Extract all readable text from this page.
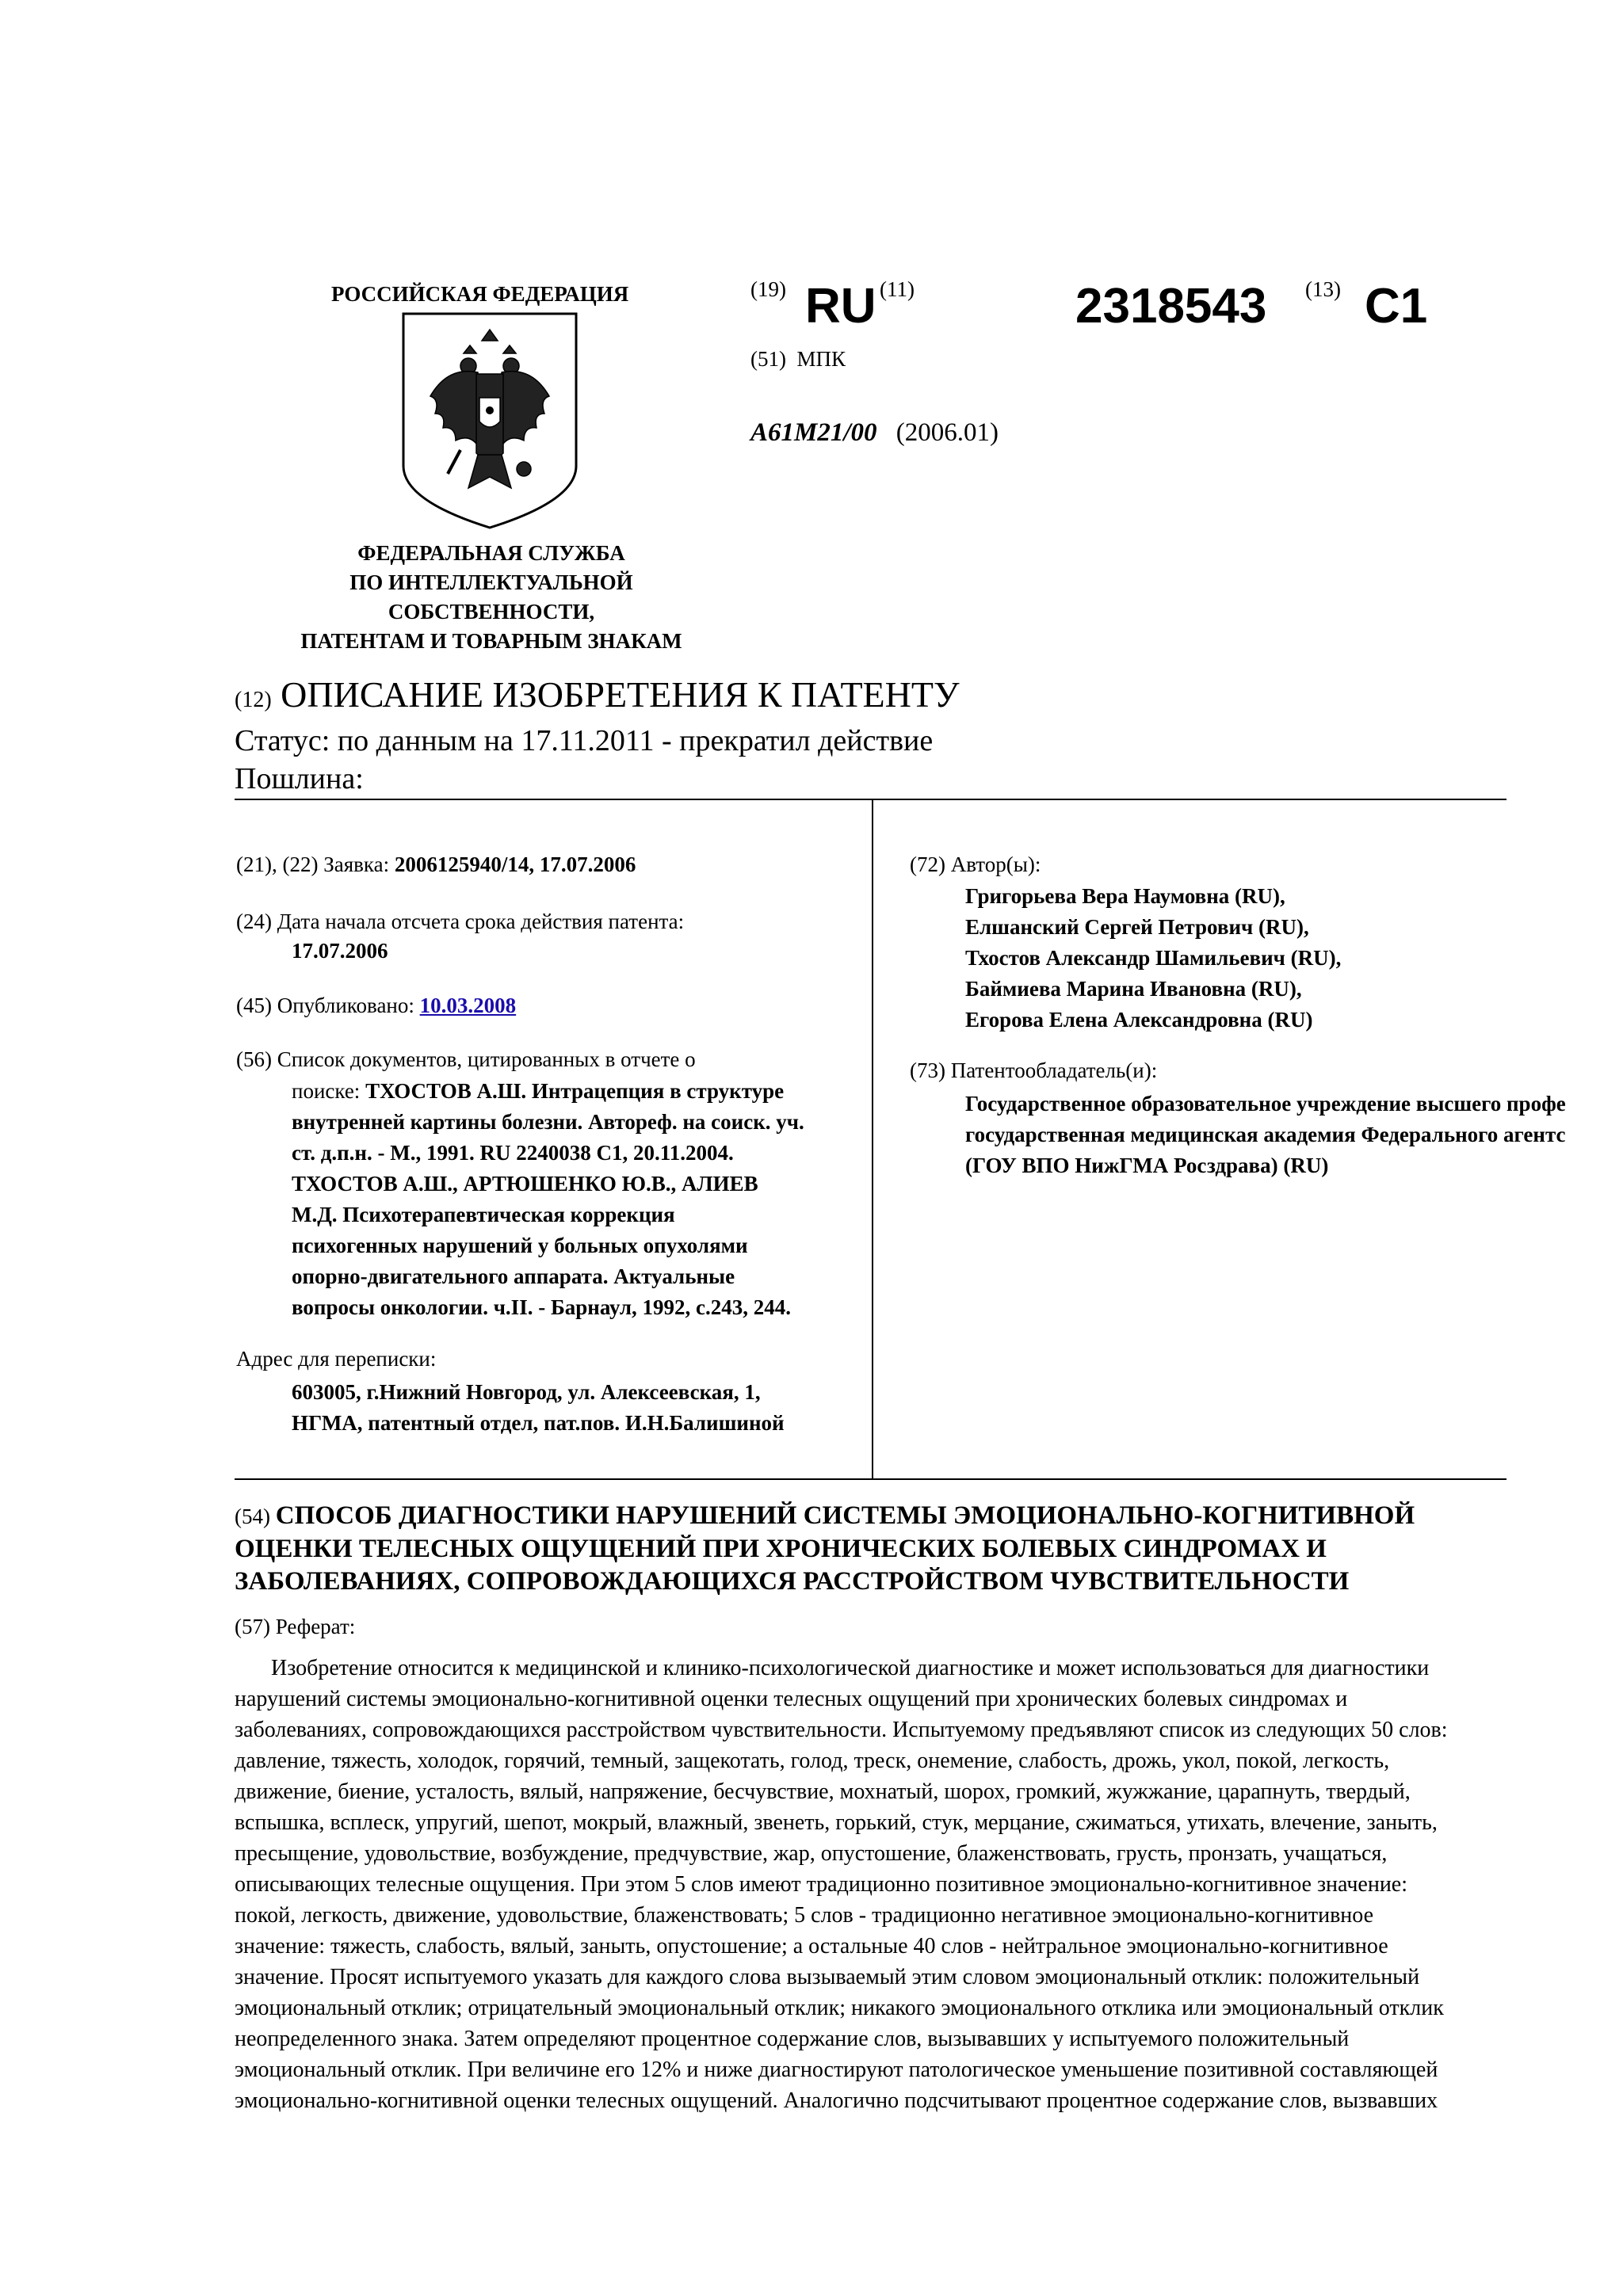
РОССИЙСКАЯ ФЕДЕРАЦИЯ
ФЕДЕРАЛЬНАЯ СЛУЖБА
ПО ИНТЕЛЛЕКТУАЛЬНОЙ
СОБСТВЕННОСТИ,
ПАТЕНТАМ И ТОВАРНЫМ ЗНАКАМ
(19) RU (11)	2318543 (13) C1
(51)  МПК
A61M21/00 (2006.01)
(12) ОПИСАНИЕ ИЗОБРЕТЕНИЯ К ПАТЕНТУ
Статус: по данным на 17.11.2011 - прекратил действие
Пошлина:
(21), (22) Заявка: 2006125940/14, 17.07.2006
(24) Дата начала отсчета срока действия патента:
17.07.2006
(45) Опубликовано: 10.03.2008
(56) Список документов, цитированных в отчете о
поиске: ТХОСТОВ А.Ш. Интрацепция в структуре
внутренней картины болезни. Автореф. на соиск. уч.
ст. д.п.н. - М., 1991. RU 2240038 C1, 20.11.2004.
ТХОСТОВ А.Ш., АРТЮШЕНКО Ю.В., АЛИЕВ
М.Д. Психотерапевтическая коррекция
психогенных нарушений у больных опухолями
опорно-двигательного аппарата. Актуальные
вопросы онкологии. ч.II. - Барнаул, 1992, с.243, 244.
Адрес для переписки:
603005, г.Нижний Новгород, ул. Алексеевская, 1,
НГМА, патентный отдел, пат.пов. И.Н.Балишиной
(72) Автор(ы):
Григорьева Вера Наумовна (RU),
Елшанский Сергей Петрович (RU),
Тхостов Александр Шамильевич (RU),
Баймиева Марина Ивановна (RU),
Егорова Елена Александровна (RU)
(73) Патентообладатель(и):
Государственное образовательное учреждение высшего профе
государственная медицинская академия Федерального агентс
(ГОУ ВПО НижГМА Росздрава) (RU)
(54) СПОСОБ ДИАГНОСТИКИ НАРУШЕНИЙ СИСТЕМЫ ЭМОЦИОНАЛЬНО-КОГНИТИВНОЙ
ОЦЕНКИ ТЕЛЕСНЫХ ОЩУЩЕНИЙ ПРИ ХРОНИЧЕСКИХ БОЛЕВЫХ СИНДРОМАХ И
ЗАБОЛЕВАНИЯХ, СОПРОВОЖДАЮЩИХСЯ РАССТРОЙСТВОМ ЧУВСТВИТЕЛЬНОСТИ
(57) Реферат:
Изобретение относится к медицинской и клинико-психологической диагностике и может использоваться для диагностики
нарушений системы эмоционально-когнитивной оценки телесных ощущений при хронических болевых синдромах и
заболеваниях, сопровождающихся расстройством чувствительности. Испытуемому предъявляют список из следующих 50 слов:
давление, тяжесть, холодок, горячий, темный, защекотать, голод, треск, онемение, слабость, дрожь, укол, покой, легкость,
движение, биение, усталость, вялый, напряжение, бесчувствие, мохнатый, шорох, громкий, жужжание, царапнуть, твердый,
вспышка, всплеск, упругий, шепот, мокрый, влажный, звенеть, горький, стук, мерцание, сжиматься, утихать, влечение, заныть,
пресыщение, удовольствие, возбуждение, предчувствие, жар, опустошение, блаженствовать, грусть, пронзать, учащаться,
описывающих телесные ощущения. При этом 5 слов имеют традиционно позитивное эмоционально-когнитивное значение:
покой, легкость, движение, удовольствие, блаженствовать; 5 слов - традиционно негативное эмоционально-когнитивное
значение: тяжесть, слабость, вялый, заныть, опустошение; а остальные 40 слов - нейтральное эмоционально-когнитивное
значение. Просят испытуемого указать для каждого слова вызываемый этим словом эмоциональный отклик: положительный
эмоциональный отклик; отрицательный эмоциональный отклик; никакого эмоционального отклика или эмоциональный отклик
неопределенного знака. Затем определяют процентное содержание слов, вызывавших у испытуемого положительный
эмоциональный отклик. При величине его 12% и ниже диагностируют патологическое уменьшение позитивной составляющей
эмоционально-когнитивной оценки телесных ощущений. Аналогично подсчитывают процентное содержание слов, вызвавших
